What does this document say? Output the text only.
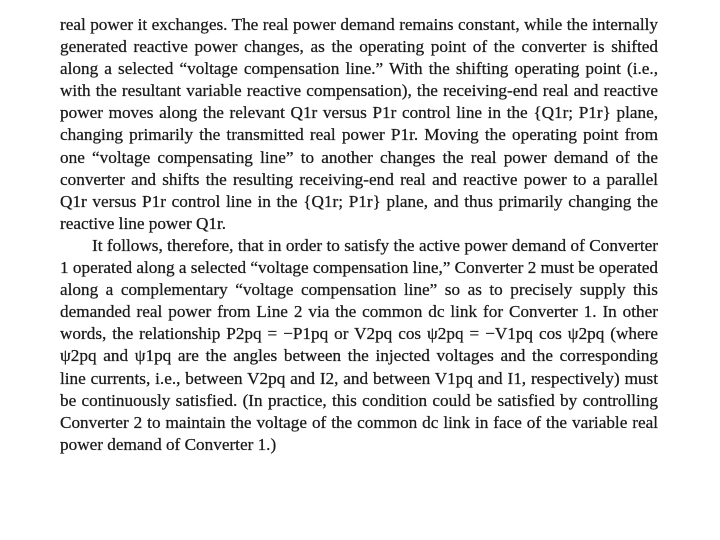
real power it exchanges. The real power demand remains constant, while the internally generated reactive power changes, as the operating point of the converter is shifted along a selected “voltage compensation line.” With the shifting operating point (i.e., with the resultant variable reactive compensation), the receiving-end real and reactive power moves along the relevant Q1r versus P1r control line in the {Q1r; P1r} plane, changing primarily the transmitted real power P1r. Moving the operating point from one “voltage compensating line” to another changes the real power demand of the converter and shifts the resulting receiving-end real and reactive power to a parallel Q1r versus P1r control line in the {Q1r; P1r} plane, and thus primarily changing the reactive line power Q1r.

It follows, therefore, that in order to satisfy the active power demand of Converter 1 operated along a selected “voltage compensation line,” Converter 2 must be operated along a complementary “voltage compensation line” so as to precisely supply this demanded real power from Line 2 via the common dc link for Converter 1. In other words, the relationship P2pq = −P1pq or V2pq cos ψ2pq = −V1pq cos ψ2pq (where ψ2pq and ψ1pq are the angles between the injected voltages and the corresponding line currents, i.e., between V2pq and I2, and between V1pq and I1, respectively) must be continuously satisfied. (In practice, this condition could be satisfied by controlling Converter 2 to maintain the voltage of the common dc link in face of the variable real power demand of Converter 1.)
